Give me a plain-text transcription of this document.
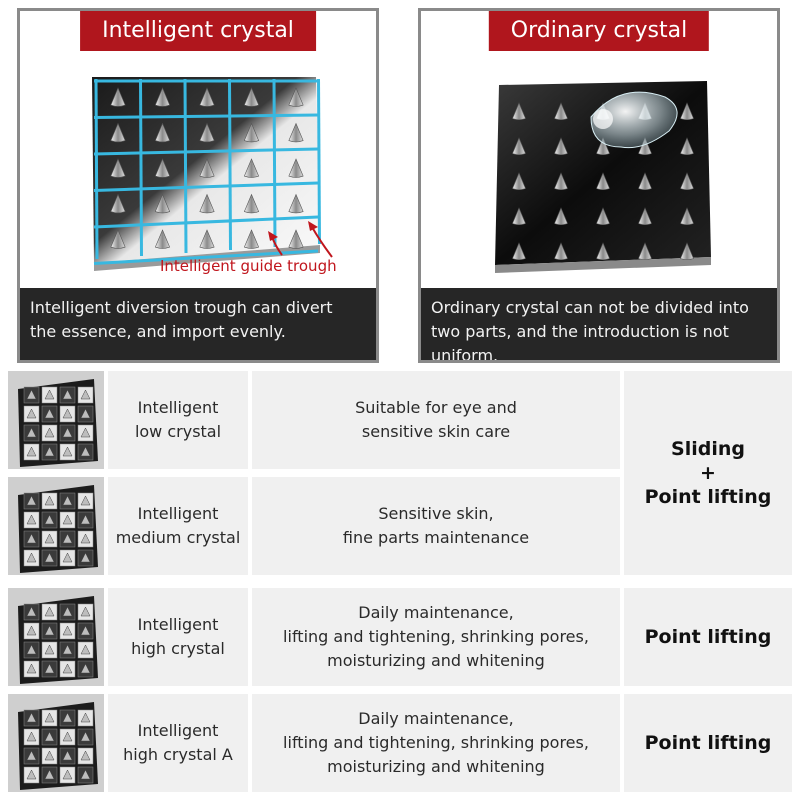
Intelligent crystal
Intelligent guide trough
Intelligent diversion trough can divert
the essence, and import evenly.
Ordinary crystal
Ordinary crystal can not be divided into
two parts, and the introduction is not
uniform.
Intelligent
low crystal
Suitable for eye and
sensitive skin care
Intelligent
medium crystal
Sensitive skin,
fine parts maintenance
Intelligent
high crystal
Daily maintenance,
lifting and tightening, shrinking pores,
moisturizing and whitening
Intelligent
high crystal A
Daily maintenance,
lifting and tightening, shrinking pores,
moisturizing and whitening
Sliding
+
Point lifting
Point lifting
Point lifting
